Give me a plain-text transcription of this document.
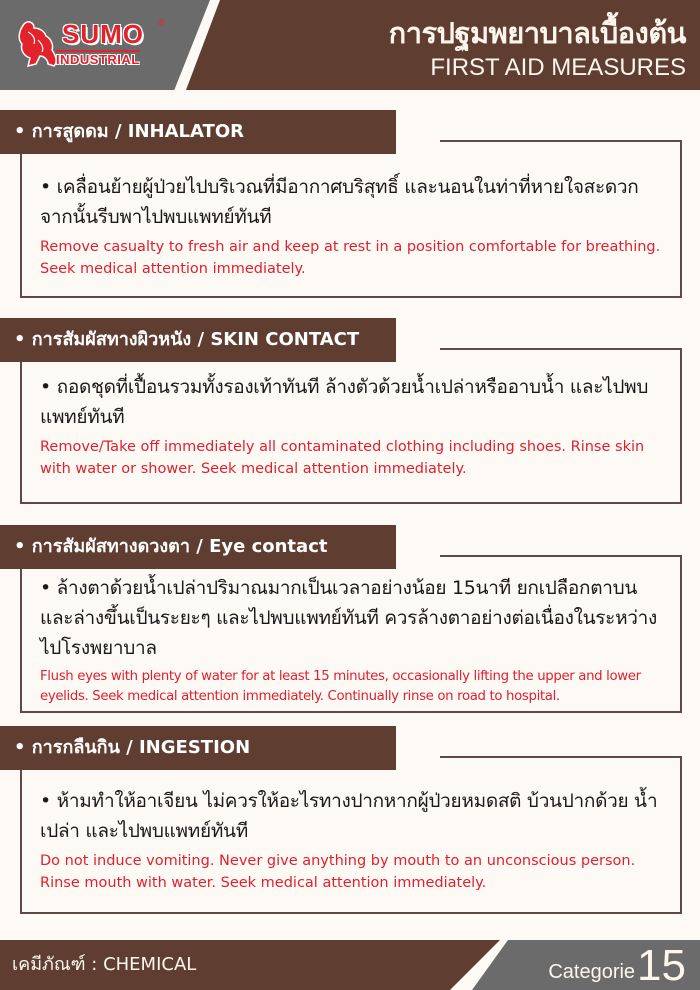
SUMO ®
INDUSTRIAL
การปฐมพยาบาลเบื้องต้น
FIRST AID MEASURES
• การสูดดม / INHALATOR
• เคลื่อนย้ายผู้ป่วยไปบริเวณที่มีอากาศบริสุทธิ์ และนอนในท่าที่หายใจสะดวก จากนั้นรีบพาไปพบแพทย์ทันที
Remove casualty to fresh air and keep at rest in a position comfortable for breathing. Seek medical attention immediately.
• การสัมผัสทางผิวหนัง / SKIN CONTACT
• ถอดชุดที่เปื้อนรวมทั้งรองเท้าทันที ล้างตัวด้วยน้ำเปล่าหรืออาบน้ำ และไปพบแพทย์ทันที
Remove/Take off immediately all contaminated clothing including shoes. Rinse skin with water or shower. Seek medical attention immediately.
• การสัมผัสทางดวงตา / Eye contact
• ล้างตาด้วยน้ำเปล่าปริมาณมากเป็นเวลาอย่างน้อย 15นาที ยกเปลือกตาบน และล่างขึ้นเป็นระยะๆ และไปพบแพทย์ทันที ควรล้างตาอย่างต่อเนื่องในระหว่าง ไปโรงพยาบาล
Flush eyes with plenty of water for at least 15 minutes, occasionally lifting the upper and lower eyelids. Seek medical attention immediately. Continually rinse on road to hospital.
• การกลืนกิน / INGESTION
• ห้ามทำให้อาเจียน ไม่ควรให้อะไรทางปากหากผู้ป่วยหมดสติ บ้วนปากด้วย น้ำเปล่า และไปพบแพทย์ทันที
Do not induce vomiting. Never give anything by mouth to an unconscious person. Rinse mouth with water. Seek medical attention immediately.
เคมีภัณฑ์ : CHEMICAL	Categorie 15
